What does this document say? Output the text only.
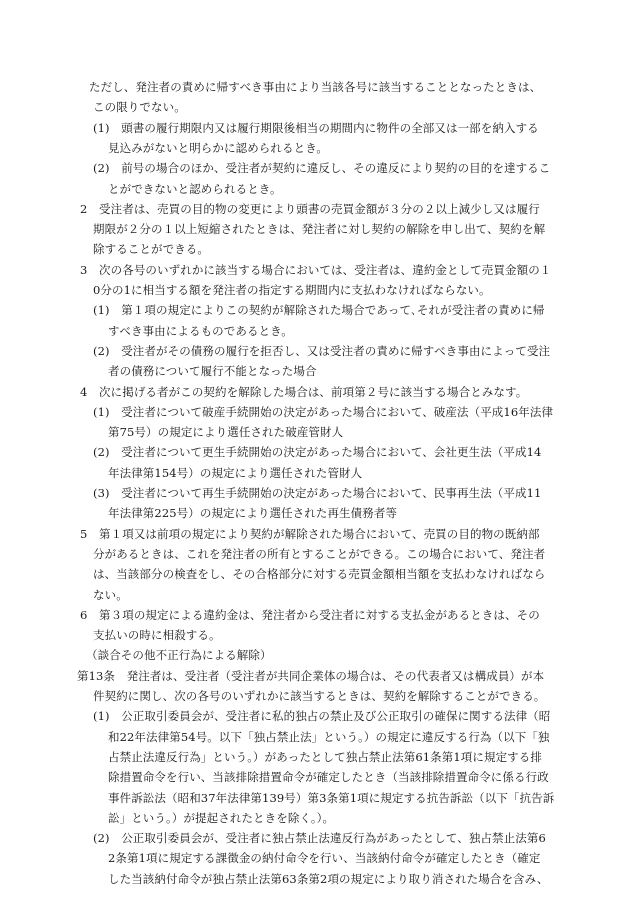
ただし、発注者の責めに帰すべき事由により当該各号に該当することとなったときは、
この限りでない。
(1)　頭書の履行期限内又は履行期限後相当の期間内に物件の全部又は一部を納入する
見込みがないと明らかに認められるとき。
(2)　前号の場合のほか、受注者が契約に違反し、その違反により契約の目的を達するこ
とができないと認められるとき。
2　受注者は、売買の目的物の変更により頭書の売買金額が３分の２以上減少し又は履行
期限が２分の１以上短縮されたときは、発注者に対し契約の解除を申し出て、契約を解
除することができる。
3　次の各号のいずれかに該当する場合においては、受注者は、違約金として売買金額の１
0分の1に相当する額を発注者の指定する期間内に支払わなければならない。
(1)　第１項の規定によりこの契約が解除された場合であって､それが受注者の責めに帰
すべき事由によるものであるとき。
(2)　受注者がその債務の履行を拒否し、又は受注者の責めに帰すべき事由によって受注
者の債務について履行不能となった場合
4　次に掲げる者がこの契約を解除した場合は、前項第２号に該当する場合とみなす。
(1)　受注者について破産手続開始の決定があった場合において、破産法（平成16年法律
第75号）の規定により選任された破産管財人
(2)　受注者について更生手続開始の決定があった場合において、会社更生法（平成14
年法律第154号）の規定により選任された管財人
(3)　受注者について再生手続開始の決定があった場合において、民事再生法（平成11
年法律第225号）の規定により選任された再生債務者等
5　第１項又は前項の規定により契約が解除された場合において、売買の目的物の既納部
分があるときは、これを発注者の所有とすることができる。この場合において、発注者
は、当該部分の検査をし、その合格部分に対する売買金額相当額を支払わなければなら
ない。
6　第３項の規定による違約金は、発注者から受注者に対する支払金があるときは、その
支払いの時に相殺する。
（談合その他不正行為による解除）
第13条　発注者は、受注者（受注者が共同企業体の場合は、その代表者又は構成員）が本
件契約に関し、次の各号のいずれかに該当するときは、契約を解除することができる。
(1)　公正取引委員会が、受注者に私的独占の禁止及び公正取引の確保に関する法律（昭
和22年法律第54号。以下「独占禁止法」という。）の規定に違反する行為（以下「独
占禁止法違反行為」という。）があったとして独占禁止法第61条第1項に規定する排
除措置命令を行い、当該排除措置命令が確定したとき（当該排除措置命令に係る行政
事件訴訟法（昭和37年法律第139号）第3条第1項に規定する抗告訴訟（以下「抗告訴
訟」という。）が提起されたときを除く。）。
(2)　公正取引委員会が、受注者に独占禁止法違反行為があったとして、独占禁止法第6
2条第1項に規定する課徴金の納付命令を行い、当該納付命令が確定したとき（確定
した当該納付命令が独占禁止法第63条第2項の規定により取り消された場合を含み、
